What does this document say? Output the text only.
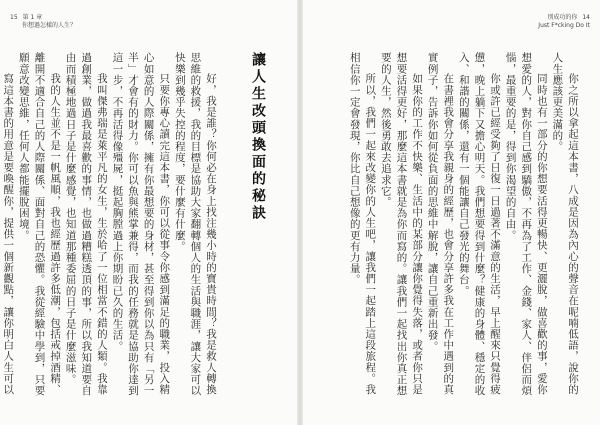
15 第 1 章
你想過怎樣的人生？
讓人生改頭換面的秘訣

好，我是誰？你何必在身上找注幾小時的寶貴時間？我是救人轉換思維的救援，我的目標是協助大家翻轉個人的生活與職涯，讓大家可以快樂到幾乎失控的程度，要什麼有什麼。

只要你專心讀完這本書，你可以從事令你感到滿足的職業，投入精心如意的人際關係，擁有你最想要的身材，甚至得到你以為只有「另一半」才會有的財力。你可以魚與熊掌兼得，而我的任務就是協助你達到這一步，不再活得像殭屍，挺起胸膛過上你期盼已久的生活。

我叫傑弗瑞是萊平凡的女生，生於哈了一位相當不錯的人類。我靠過創業，做過我最喜歡的事情，也做過糟糕透頂的事，所以我知道要自由而積極地過日子是什麼感覺，也知道那種委屈的日子是什麼滋味。

我的人生並不是一帆風順，我也經歷過許多低潮，包括戒掉酒精、離開不適合自己的人際關係、面對自己的恐懼。我從經驗中學到，只要願意改變思維，任何人都能擺脫困境。

寫這本書的用意是要喚醒你，提供一個新觀點，讓你明白人生可以

別成功的你 14
Just F*cking Do It

你之所以拿起這本書，八成是因為內心的聲音在呢喃低語，說你的人生應該更美滿的。

同時也有一部分的你想要活得更暢快、更灑脫，做喜歡的事，愛你想愛的人，對你自己感到驕傲，不再為了工作、金錢、家人、伴侶而煩惱，最重要的是，得到你渴望的自由。

你或許已經受夠了日復一日過著不滿意的生活，早上醒來只覺得疲憊，晚上躺下又擔心明天。我們想要得到什麼？健康的身體、穩定的收入、和諧的關係，還有一個能讓自己發光的舞台。

在書裡我會分享我親身的經歷，也會分享許多我在工作中遇到的真實例子，告訴你如何從負面的思維中解脫，讓自己重新出發。

如果你的工作不快樂、生活中的某部分讓你覺得失落，或者你只是想要活得更好，那麼這本書就是為你而寫的。讓我們一起找出你真正想要的人生，然後勇敢去追求它。

所以，我們一起來改變你的人生吧，讓我們一起踏上這段旅程。我相信你一定會發現，你比自己想像的更有力量。
